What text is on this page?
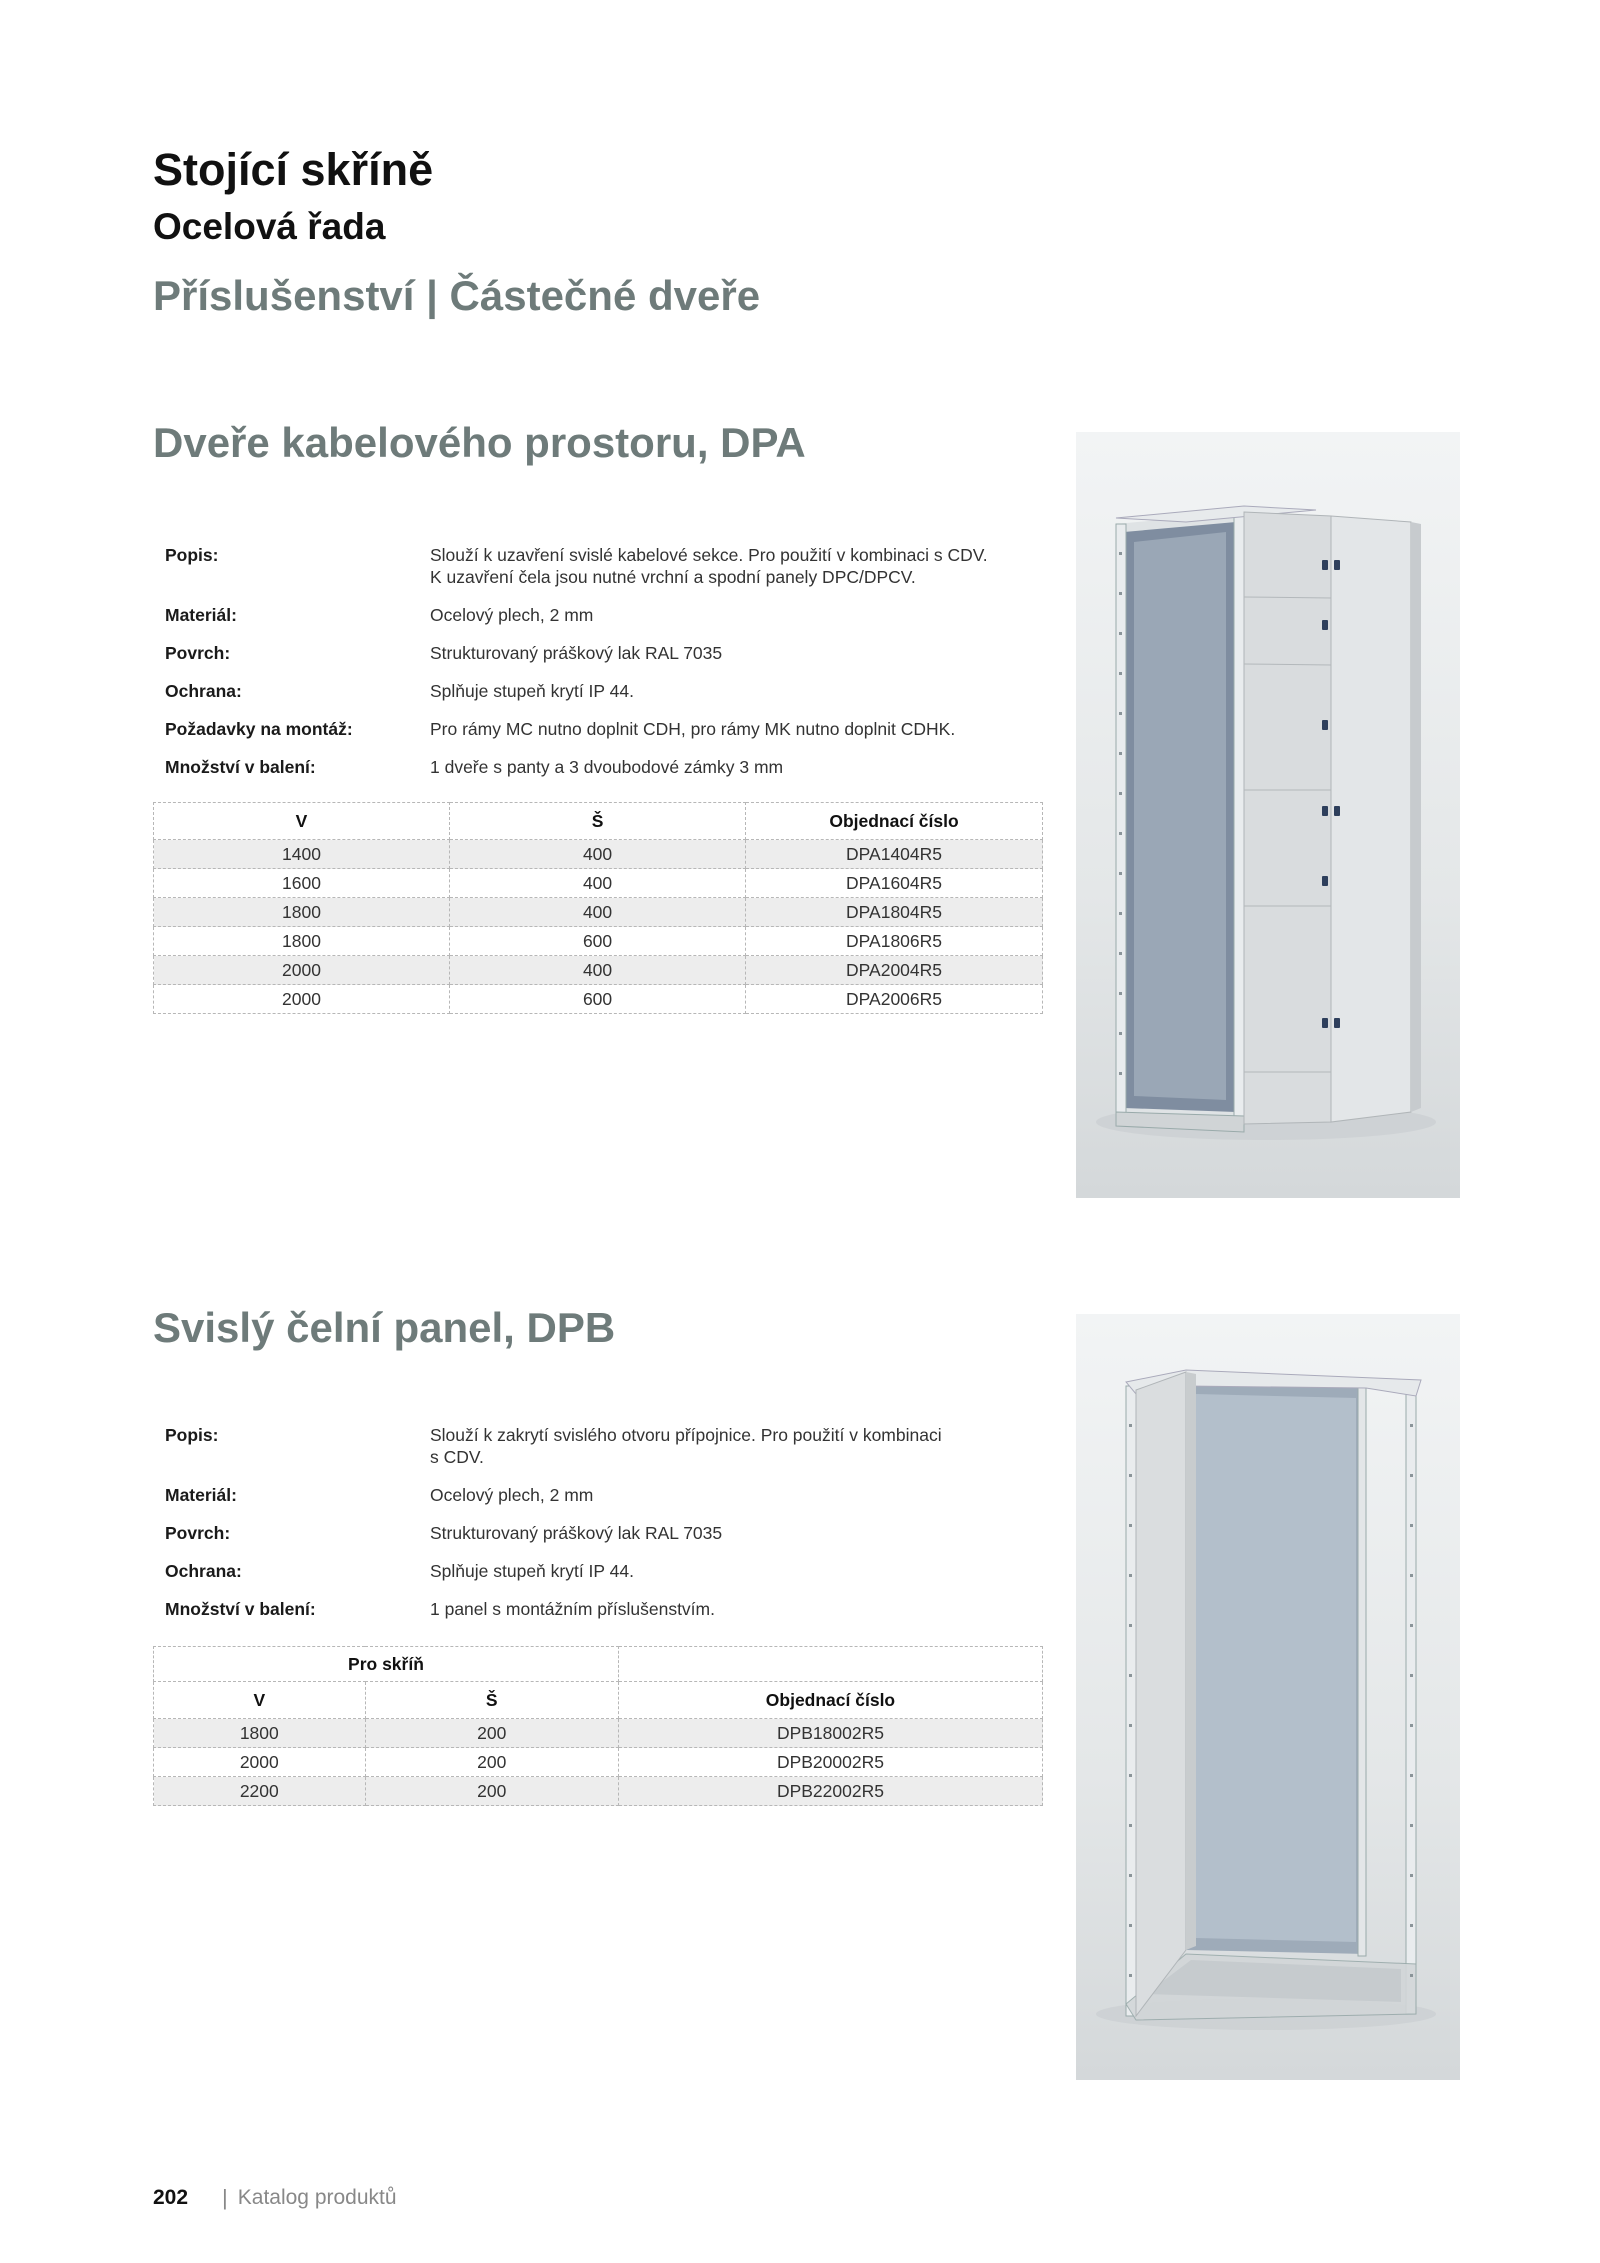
Stojící skříně
Ocelová řada
Příslušenství | Částečné dveře
Dveře kabelového prostoru, DPA
Popis:	Slouží k uzavření svislé kabelové sekce. Pro použití v kombinaci s CDV.
K uzavření čela jsou nutné vrchní a spodní panely DPC/DPCV.
Materiál:	Ocelový plech, 2 mm
Povrch:	Strukturovaný práškový lak RAL 7035
Ochrana:	Splňuje stupeň krytí IP 44.
Požadavky na montáž:	Pro rámy MC nutno doplnit CDH, pro rámy MK nutno doplnit CDHK.
Množství v balení:	1 dveře s panty a 3 dvoubodové zámky 3 mm
V	Š	Objednací číslo
1400	400	DPA1404R5
1600	400	DPA1604R5
1800	400	DPA1804R5
1800	600	DPA1806R5
2000	400	DPA2004R5
2000	600	DPA2006R5
Svislý čelní panel, DPB
Popis:	Slouží k zakrytí svislého otvoru přípojnice. Pro použití v kombinaci
s CDV.
Materiál:	Ocelový plech, 2 mm
Povrch:	Strukturovaný práškový lak RAL 7035
Ochrana:	Splňuje stupeň krytí IP 44.
Množství v balení:	1 panel s montážním příslušenstvím.
Pro skříň		
V	Š	Objednací číslo
1800	200	DPB18002R5
2000	200	DPB20002R5
2200	200	DPB22002R5
202 | Katalog produktů
